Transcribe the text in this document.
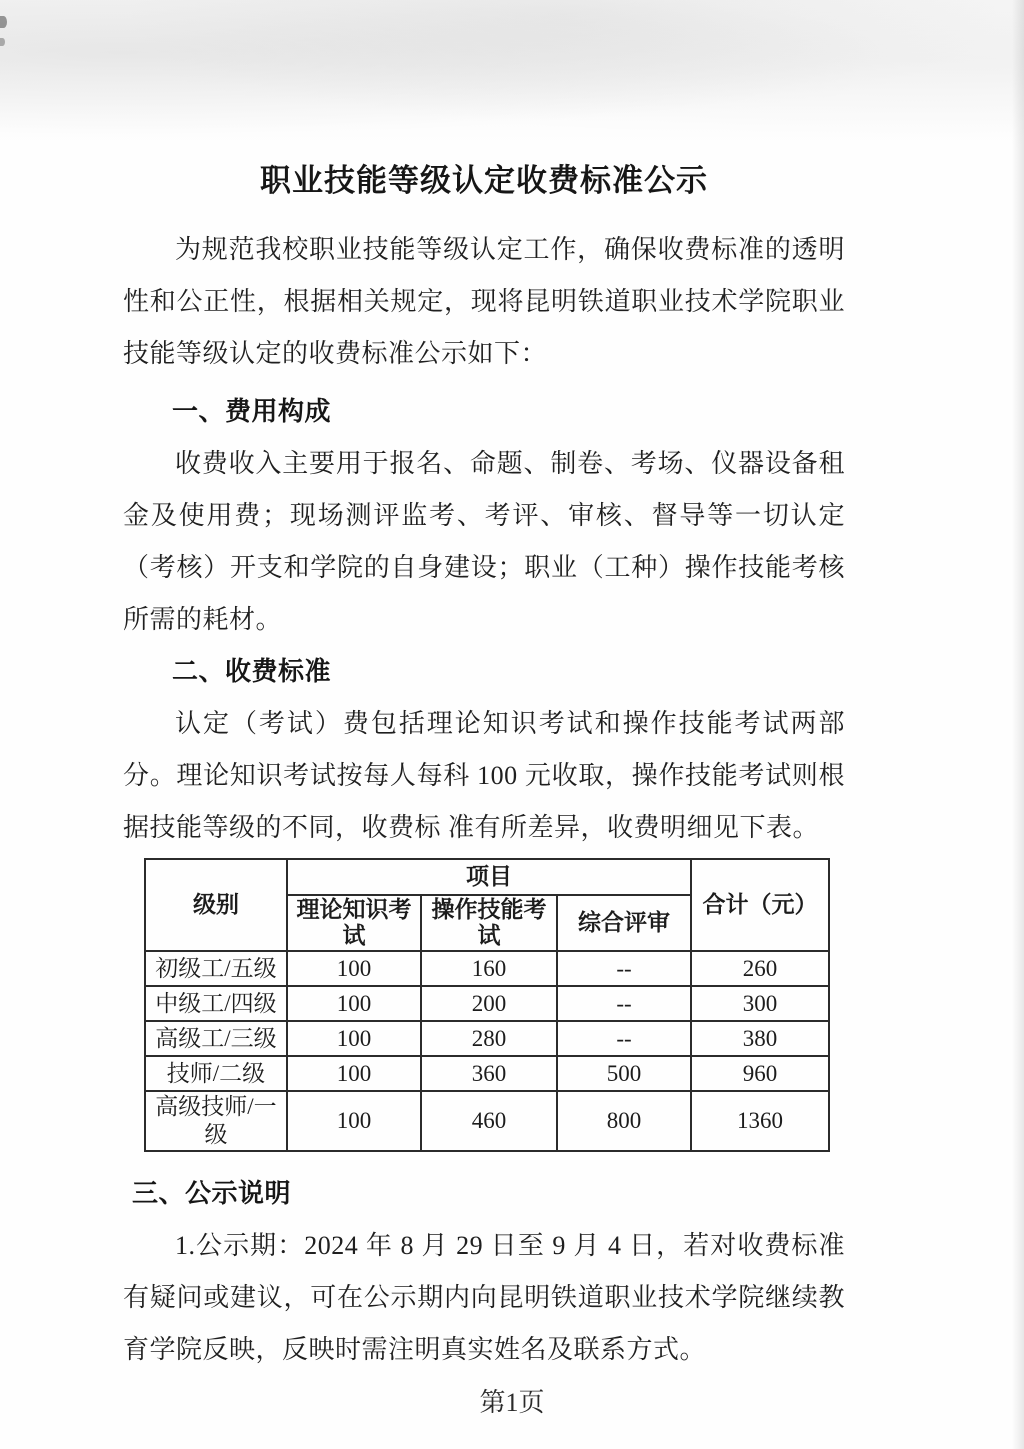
职业技能等级认定收费标准公示

为规范我校职业技能等级认定工作，确保收费标准的透明性和公正性，根据相关规定，现将昆明铁道职业技术学院职业技能等级认定的收费标准公示如下：

一、费用构成

收费收入主要用于报名、命题、制卷、考场、仪器设备租金及使用费；现场测评监考、考评、审核、督导等一切认定（考核）开支和学院的自身建设；职业（工种）操作技能考核所需的耗材。

二、收费标准

认定（考试）费包括理论知识考试和操作技能考试两部分。理论知识考试按每人每科 100 元收取，操作技能考试则根据技能等级的不同，收费标 准有所差异，收费明细见下表。

级别	项目			合计（元）
	理论知识考试	操作技能考试	综合评审	
初级工/五级	100	160	--	260
中级工/四级	100	200	--	300
高级工/三级	100	280	--	380
技师/二级	100	360	500	960
高级技师/一级	100	460	800	1360
三、公示说明

1.公示期：2024 年 8 月 29 日至 9 月 4 日，若对收费标准有疑问或建议，可在公示期内向昆明铁道职业技术学院继续教育学院反映，反映时需注明真实姓名及联系方式。

第1页
